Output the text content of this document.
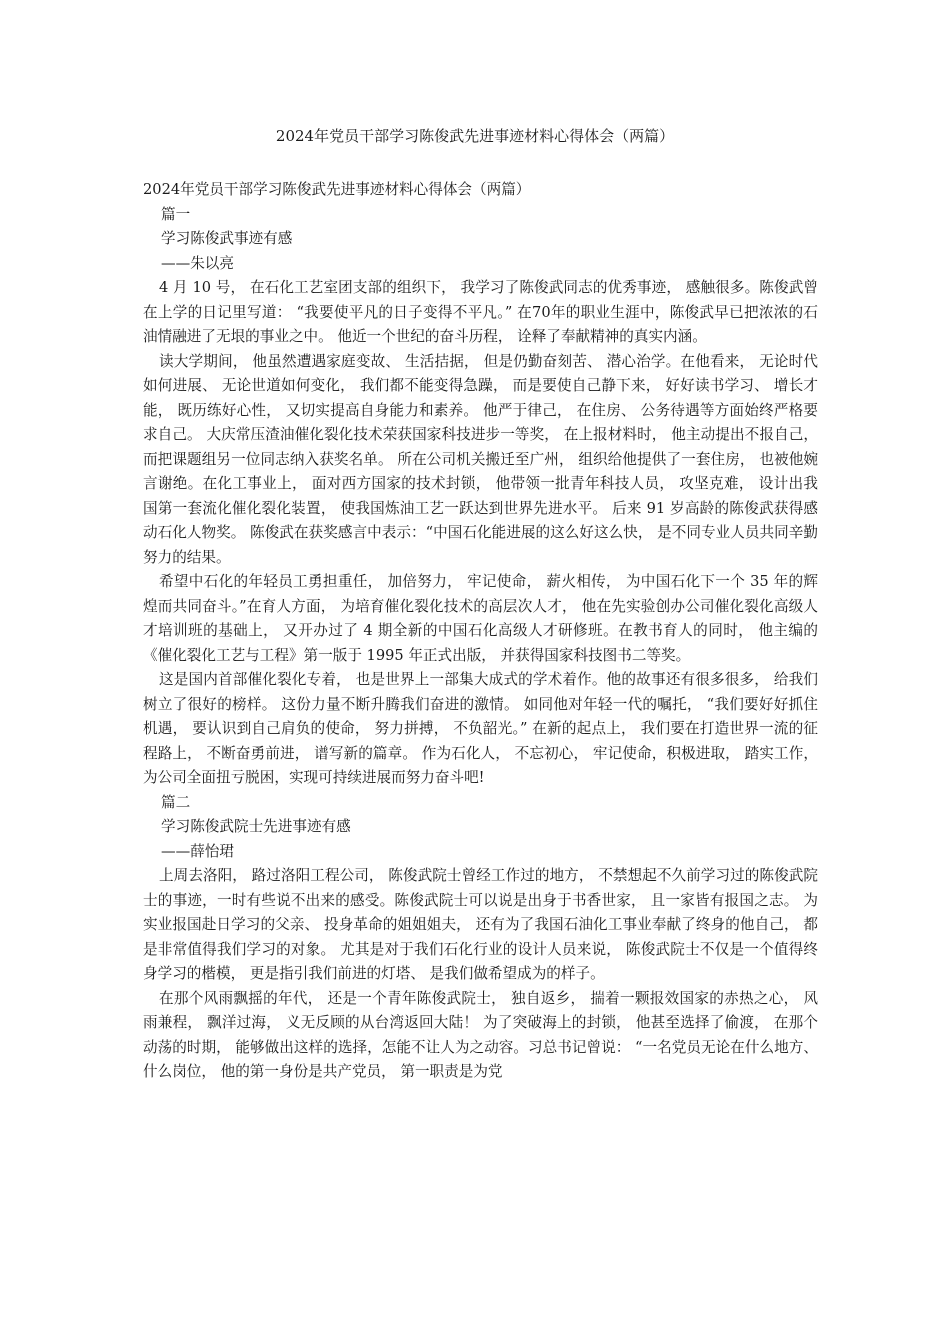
2024年党员干部学习陈俊武先进事迹材料心得体会（两篇）

2024年党员干部学习陈俊武先进事迹材料心得体会（两篇）

篇一

学习陈俊武事迹有感

——朱以亮

4 月 10 号， 在石化工艺室团支部的组织下， 我学习了陈俊武同志的优秀事迹， 感触很多。陈俊武曾在上学的日记里写道： “我要使平凡的日子变得不平凡。” 在70年的职业生涯中，陈俊武早已把浓浓的石油情融进了无垠的事业之中。 他近一个世纪的奋斗历程， 诠释了奉献精神的真实内涵。

读大学期间， 他虽然遭遇家庭变故、 生活拮据， 但是仍勤奋刻苦、 潜心治学。在他看来， 无论时代如何进展、 无论世道如何变化， 我们都不能变得急躁， 而是要使自己静下来， 好好读书学习、 增长才能， 既历练好心性， 又切实提高自身能力和素养。 他严于律己， 在住房、 公务待遇等方面始终严格要求自己。 大庆常压渣油催化裂化技术荣获国家科技进步一等奖， 在上报材料时， 他主动提出不报自己， 而把课题组另一位同志纳入获奖名单。 所在公司机关搬迁至广州， 组织给他提供了一套住房， 也被他婉言谢绝。在化工事业上， 面对西方国家的技术封锁， 他带领一批青年科技人员， 攻坚克难， 设计出我国第一套流化催化裂化装置， 使我国炼油工艺一跃达到世界先进水平。 后来 91 岁高龄的陈俊武获得感动石化人物奖。 陈俊武在获奖感言中表示：“中国石化能进展的这么好这么快， 是不同专业人员共同辛勤努力的结果。

希望中石化的年轻员工勇担重任， 加倍努力， 牢记使命， 薪火相传， 为中国石化下一个 35 年的辉煌而共同奋斗。”在育人方面， 为培育催化裂化技术的高层次人才， 他在先实验创办公司催化裂化高级人才培训班的基础上， 又开办过了 4 期全新的中国石化高级人才研修班。在教书育人的同时， 他主编的《催化裂化工艺与工程》第一版于 1995 年正式出版， 并获得国家科技图书二等奖。

这是国内首部催化裂化专着， 也是世界上一部集大成式的学术着作。他的故事还有很多很多， 给我们树立了很好的榜样。 这份力量不断升腾我们奋进的激情。 如同他对年轻一代的嘱托， “我们要好好抓住机遇， 要认识到自己肩负的使命， 努力拼搏， 不负韶光。” 在新的起点上， 我们要在打造世界一流的征程路上， 不断奋勇前进， 谱写新的篇章。 作为石化人， 不忘初心， 牢记使命，积极进取， 踏实工作，为公司全面扭亏脱困，实现可持续进展而努力奋斗吧!

篇二

学习陈俊武院士先进事迹有感

——薛怡珺

上周去洛阳， 路过洛阳工程公司， 陈俊武院士曾经工作过的地方， 不禁想起不久前学习过的陈俊武院士的事迹，一时有些说不出来的感受。陈俊武院士可以说是出身于书香世家， 且一家皆有报国之志。 为实业报国赴日学习的父亲、 投身革命的姐姐姐夫， 还有为了我国石油化工事业奉献了终身的他自己， 都是非常值得我们学习的对象。 尤其是对于我们石化行业的设计人员来说， 陈俊武院士不仅是一个值得终身学习的楷模， 更是指引我们前进的灯塔、 是我们做希望成为的样子。

在那个风雨飘摇的年代， 还是一个青年陈俊武院士， 独自返乡， 揣着一颗报效国家的赤热之心， 风雨兼程， 飘洋过海， 义无反顾的从台湾返回大陆！ 为了突破海上的封锁， 他甚至选择了偷渡， 在那个动荡的时期， 能够做出这样的选择，怎能不让人为之动容。习总书记曾说： “一名党员无论在什么地方、 什么岗位， 他的第一身份是共产党员， 第一职责是为党
